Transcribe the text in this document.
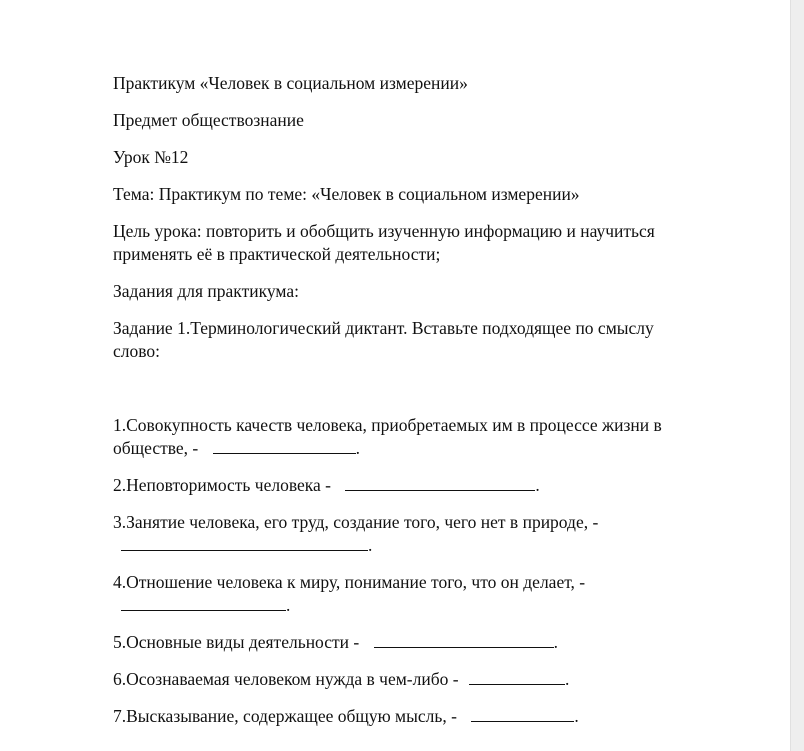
Практикум «Человек в социальном измерении»

Предмет обществознание

Урок №12

Тема: Практикум по теме: «Человек в социальном измерении»

Цель урока: повторить и обобщить изученную информацию и научиться
применять её в практической деятельности;

Задания для практикума:

Задание 1.Терминологический диктант. Вставьте подходящее по смыслу
слово:
1.Совокупность качеств человека, приобретаемых им в процессе жизни в
обществе, -	.
2.Неповторимость человека -	.
3.Занятие человека, его труд, создание того, чего нет в природе, -
.
4.Отношение человека к миру, понимание того, что он делает, -
.
5.Основные виды деятельности -	.
6.Осознаваемая человеком нужда в чем-либо -	.
7.Высказывание, содержащее общую мысль, -	.
